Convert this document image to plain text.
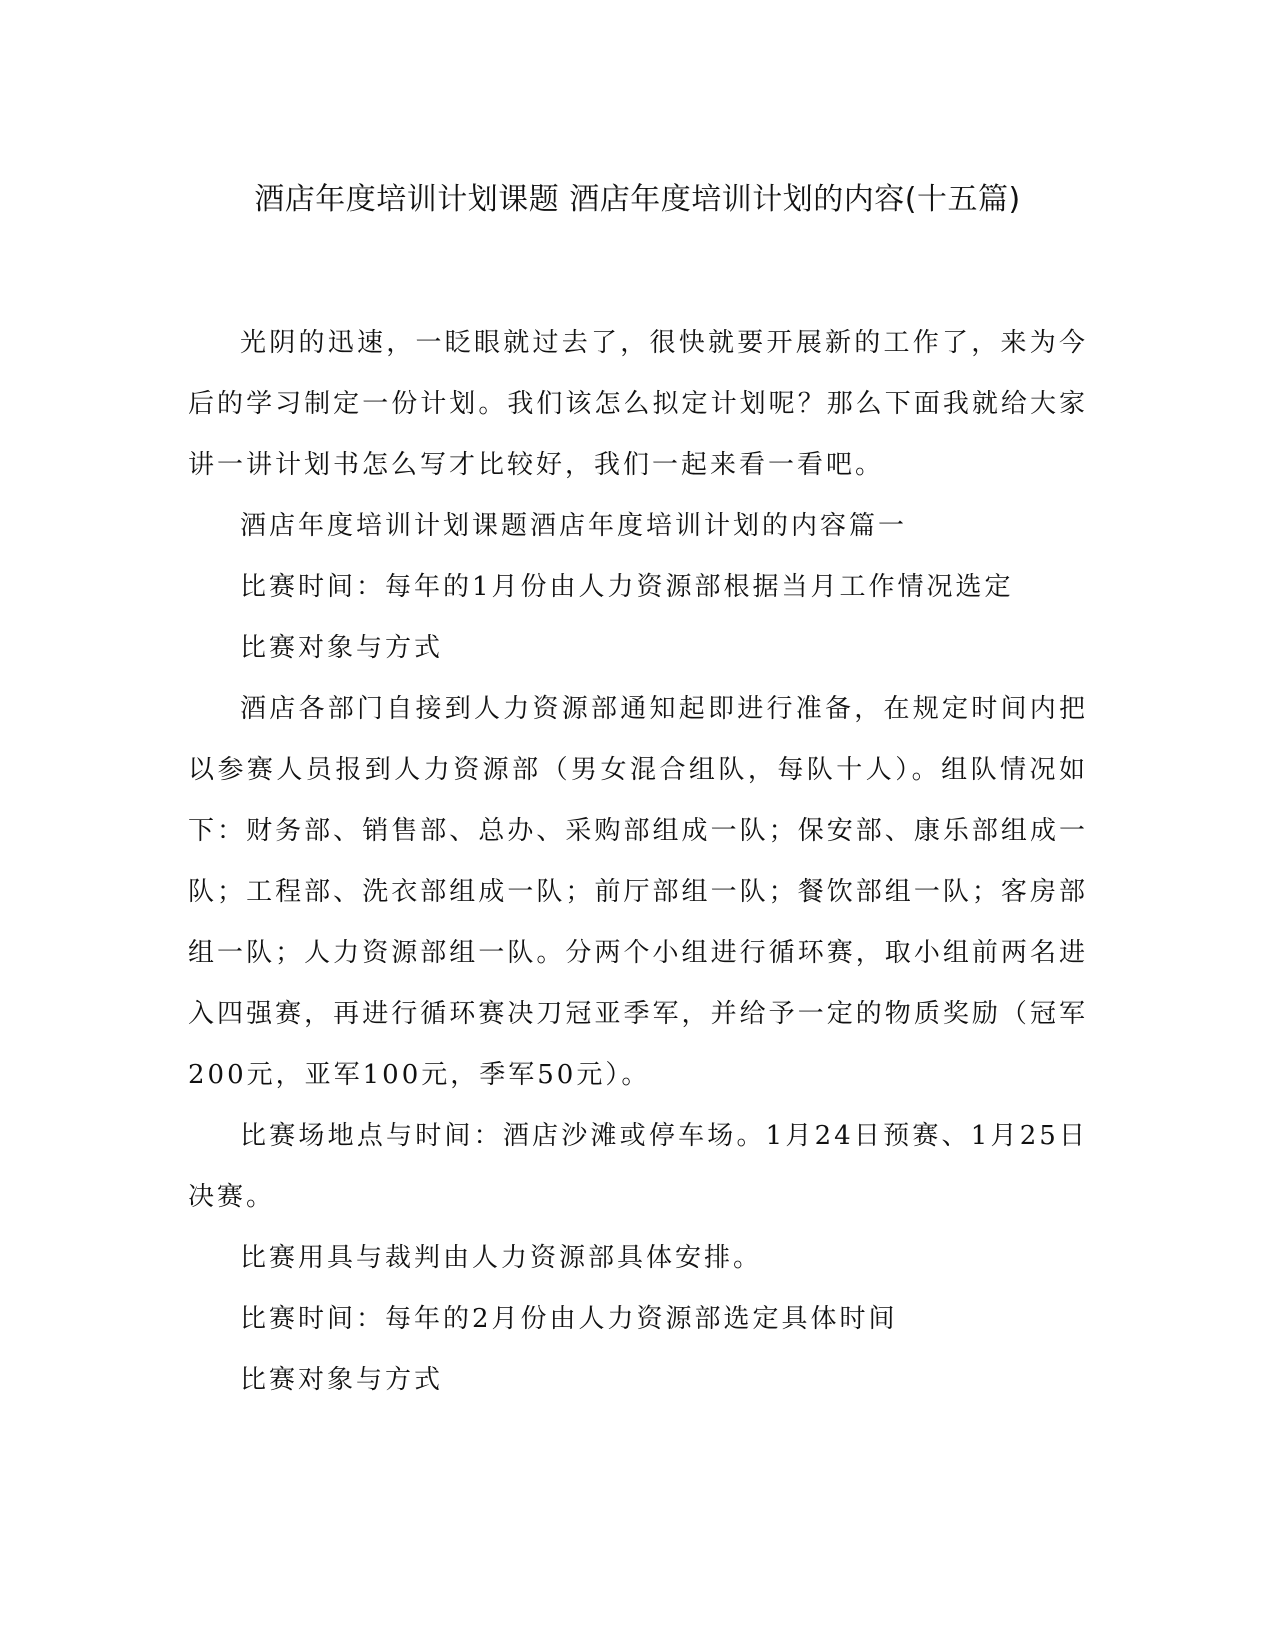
酒店年度培训计划课题 酒店年度培训计划的内容(十五篇)

光阴的迅速，一眨眼就过去了，很快就要开展新的工作了，来为今后的学习制定一份计划。我们该怎么拟定计划呢？那么下面我就给大家讲一讲计划书怎么写才比较好，我们一起来看一看吧。

酒店年度培训计划课题酒店年度培训计划的内容篇一

比赛时间：每年的1月份由人力资源部根据当月工作情况选定

比赛对象与方式

酒店各部门自接到人力资源部通知起即进行准备，在规定时间内把以参赛人员报到人力资源部（男女混合组队，每队十人）。组队情况如下：财务部、销售部、总办、采购部组成一队；保安部、康乐部组成一队；工程部、洗衣部组成一队；前厅部组一队；餐饮部组一队；客房部组一队；人力资源部组一队。分两个小组进行循环赛，取小组前两名进入四强赛，再进行循环赛决刀冠亚季军，并给予一定的物质奖励（冠军200元，亚军100元，季军50元）。

比赛场地点与时间：酒店沙滩或停车场。1月24日预赛、1月25日决赛。

比赛用具与裁判由人力资源部具体安排。

比赛时间：每年的2月份由人力资源部选定具体时间

比赛对象与方式
